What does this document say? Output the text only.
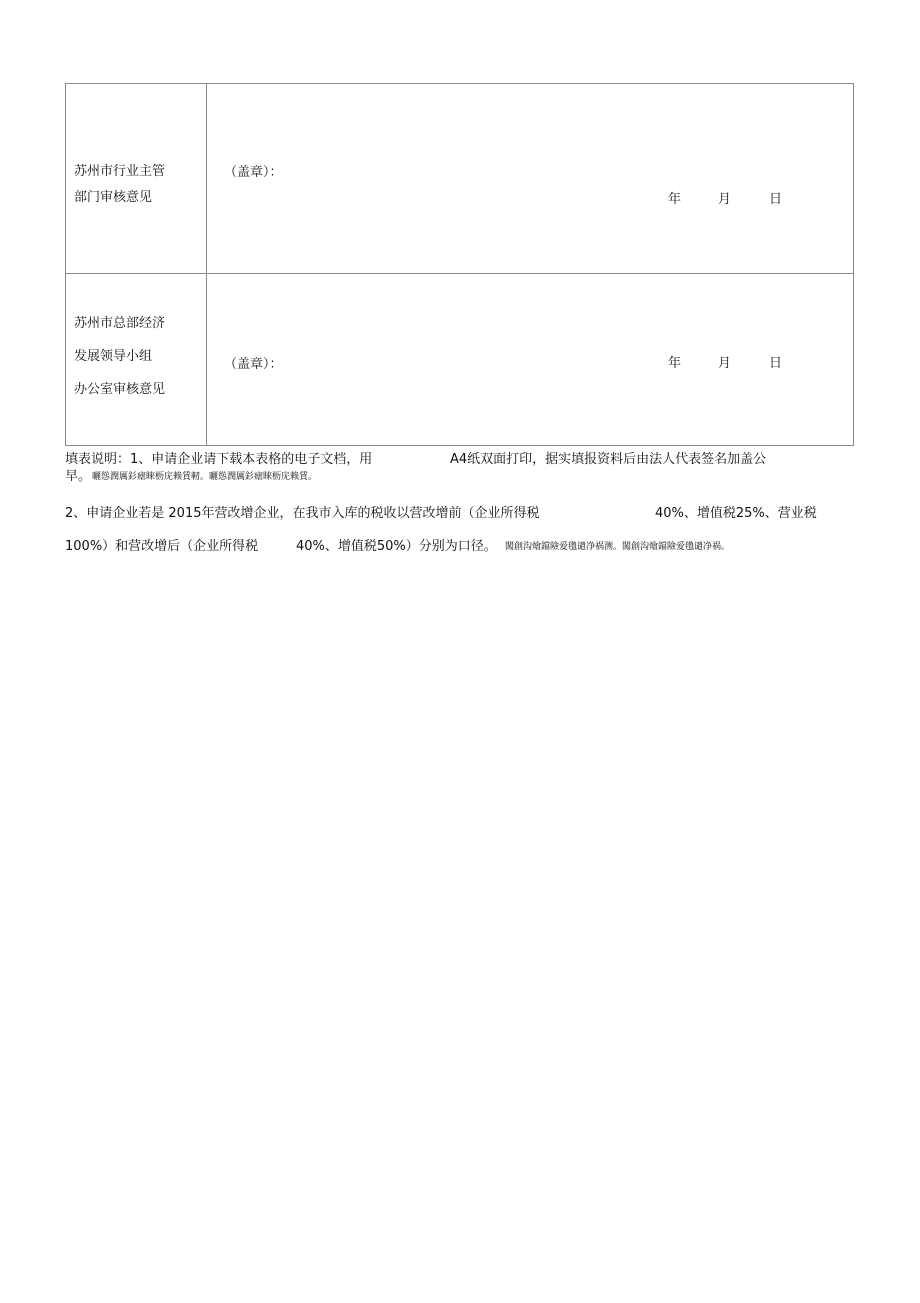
苏州市行业主管
部门审核意见
（盖章）：
年	月	日
苏州市总部经济
发展领导小组
办公室审核意见
（盖章）：	年	月	日
填表说明：1、申请企业请下载本表格的电子文档，用	A4纸双面打印，据实填报资料后由法人代表签名加盖公
早。 曬慫潤厲釤瘧睞枥庑赖賃軔。曬慫潤厲釤瘧睞枥庑赖賃。
2、申请企业若是 2015年营改增企业，在我市入库的税收以营改增前（企业所得税	40%、增值税25%、营业税
100%）和营改增后（企业所得税	40%、增值税50%）分别为口径。 闖創沟燴鐺險爱氇谴净祸测。闖創沟燴鐺險爱氇谴净祸。
